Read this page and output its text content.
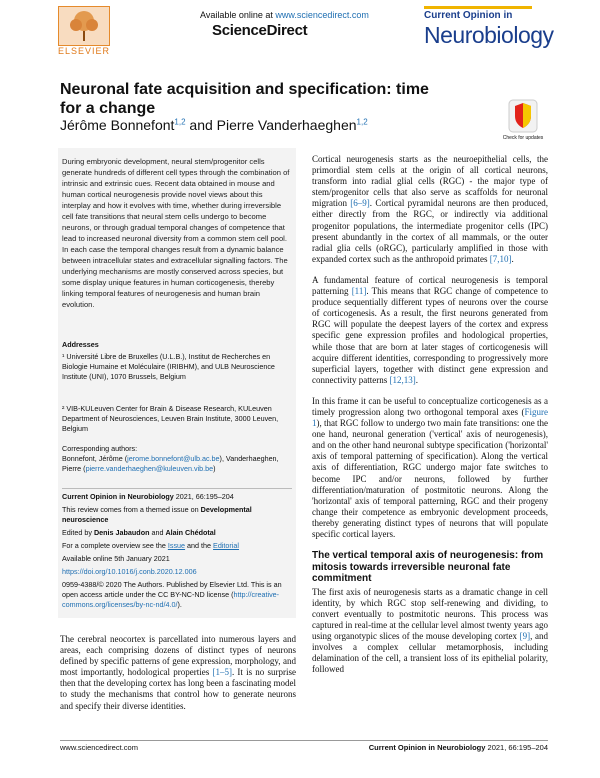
ELSEVIER
Available online at www.sciencedirect.com
ScienceDirect
Current Opinion in
Neurobiology
Neuronal fate acquisition and specification: time for a change
Jérôme Bonnefont$^{1,2}$ and Pierre Vanderhaeghen$^{1,2}$
Check for updates
During embryonic development, neural stem/progenitor cells generate hundreds of different cell types through the combination of intrinsic and extrinsic cues. Recent data obtained in mouse and human cortical neurogenesis provide novel views about this interplay and how it evolves with time, whether during irreversible cell fate transitions that neural stem cells undergo to become neurons, or through gradual temporal changes of competence that lead to increased neuronal diversity from a common stem cell pool. In each case the temporal changes result from a dynamic balance between intracellular states and extracellular signalling factors. The underlying mechanisms are mostly conserved across species, but some display unique features in human corticogenesis, thereby linking temporal features of neurogenesis and human brain evolution.
Addresses
¹ Université Libre de Bruxelles (U.L.B.), Institut de Recherches en Biologie Humaine et Moléculaire (IRIBHM), and ULB Neuroscience Institute (UNI), 1070 Brussels, Belgium
² VIB-KULeuven Center for Brain & Disease Research, KULeuven Department of Neurosciences, Leuven Brain Institute, 3000 Leuven, Belgium
Corresponding authors:
Bonnefont, Jérôme (jerome.bonnefont@ulb.ac.be), Vanderhaeghen, Pierre (pierre.vanderhaeghen@kuleuven.vib.be)
Current Opinion in Neurobiology 2021, 66:195–204
This review comes from a themed issue on Developmental neuroscience
Edited by Denis Jabaudon and Alain Chédotal
For a complete overview see the Issue and the Editorial
Available online 5th January 2021
https://doi.org/10.1016/j.conb.2020.12.006
0959-4388/© 2020 The Authors. Published by Elsevier Ltd. This is an open access article under the CC BY-NC-ND license (http://creative-commons.org/licenses/by-nc-nd/4.0/).

The cerebral neocortex is parcellated into numerous layers and areas, each comprising dozens of distinct types of neurons defined by specific patterns of gene expression, morphology, and most importantly, hodological properties [1–5]. It is no surprise then that the developing cortex has long been a fascinating model to study the mechanisms that control how to generate neurons and specify their diverse identities.

Cortical neurogenesis starts as the neuroepithelial cells, the primordial stem cells at the origin of all cortical neurons, transform into radial glial cells (RGC) - the major type of stem/progenitor cells that also serve as scaffolds for neuronal migration [6–9]. Cortical pyramidal neurons are then produced, either directly from the RGC, or indirectly via additional progenitor populations, the intermediate progenitor cells (IPC) present abundantly in the cortex of all mammals, or the outer radial glia cells (oRGC), particularly amplified in those with expanded cortex such as the anthropoid primates [7,10].

A fundamental feature of cortical neurogenesis is temporal patterning [11]. This means that RGC change of competence to produce sequentially different types of neurons over the course of corticogenesis. As a result, the first neurons generated from RGC will populate the deepest layers of the cortex and express specific gene expression profiles and hodological properties, while those that are born at later stages of corticogenesis will acquire different identities, corresponding to progressively more superficial layers, together with distinct gene expression and connectivity patterns [12,13].

In this frame it can be useful to conceptualize corticogenesis as a timely progression along two orthogonal temporal axes (Figure 1), that RGC follow to undergo two main fate transitions: one the one hand, neuronal generation ('vertical' axis of neurogenesis), and on the other hand neuronal subtype specification ('horizontal' axis of temporal patterning of specification). Along the vertical axis of differentiation, RGC undergo major fate switches to become IPC and/or neurons, followed by further differentiation/maturation of postmitotic neurons. Along the 'horizontal' axis of temporal patterning, RGC and their progeny change their competence as embryonic development proceeds, thereby generating distinct types of neurons that will populate specific cortical layers.

The vertical temporal axis of neurogenesis: from mitosis towards irreversible neuronal fate commitment

The first axis of neurogenesis starts as a dramatic change in cell identity, by which RGC stop self-renewing and dividing, to convert eventually to postmitotic neurons. This process was captured in real-time at the cellular level almost twenty years ago using organotypic slices of the mouse developing cortex [9], and involves a complex cellular metamorphosis, including delamination of the cell, a transient loss of its epithelial polarity, followed

www.sciencedirect.com	Current Opinion in Neurobiology 2021, 66:195–204
